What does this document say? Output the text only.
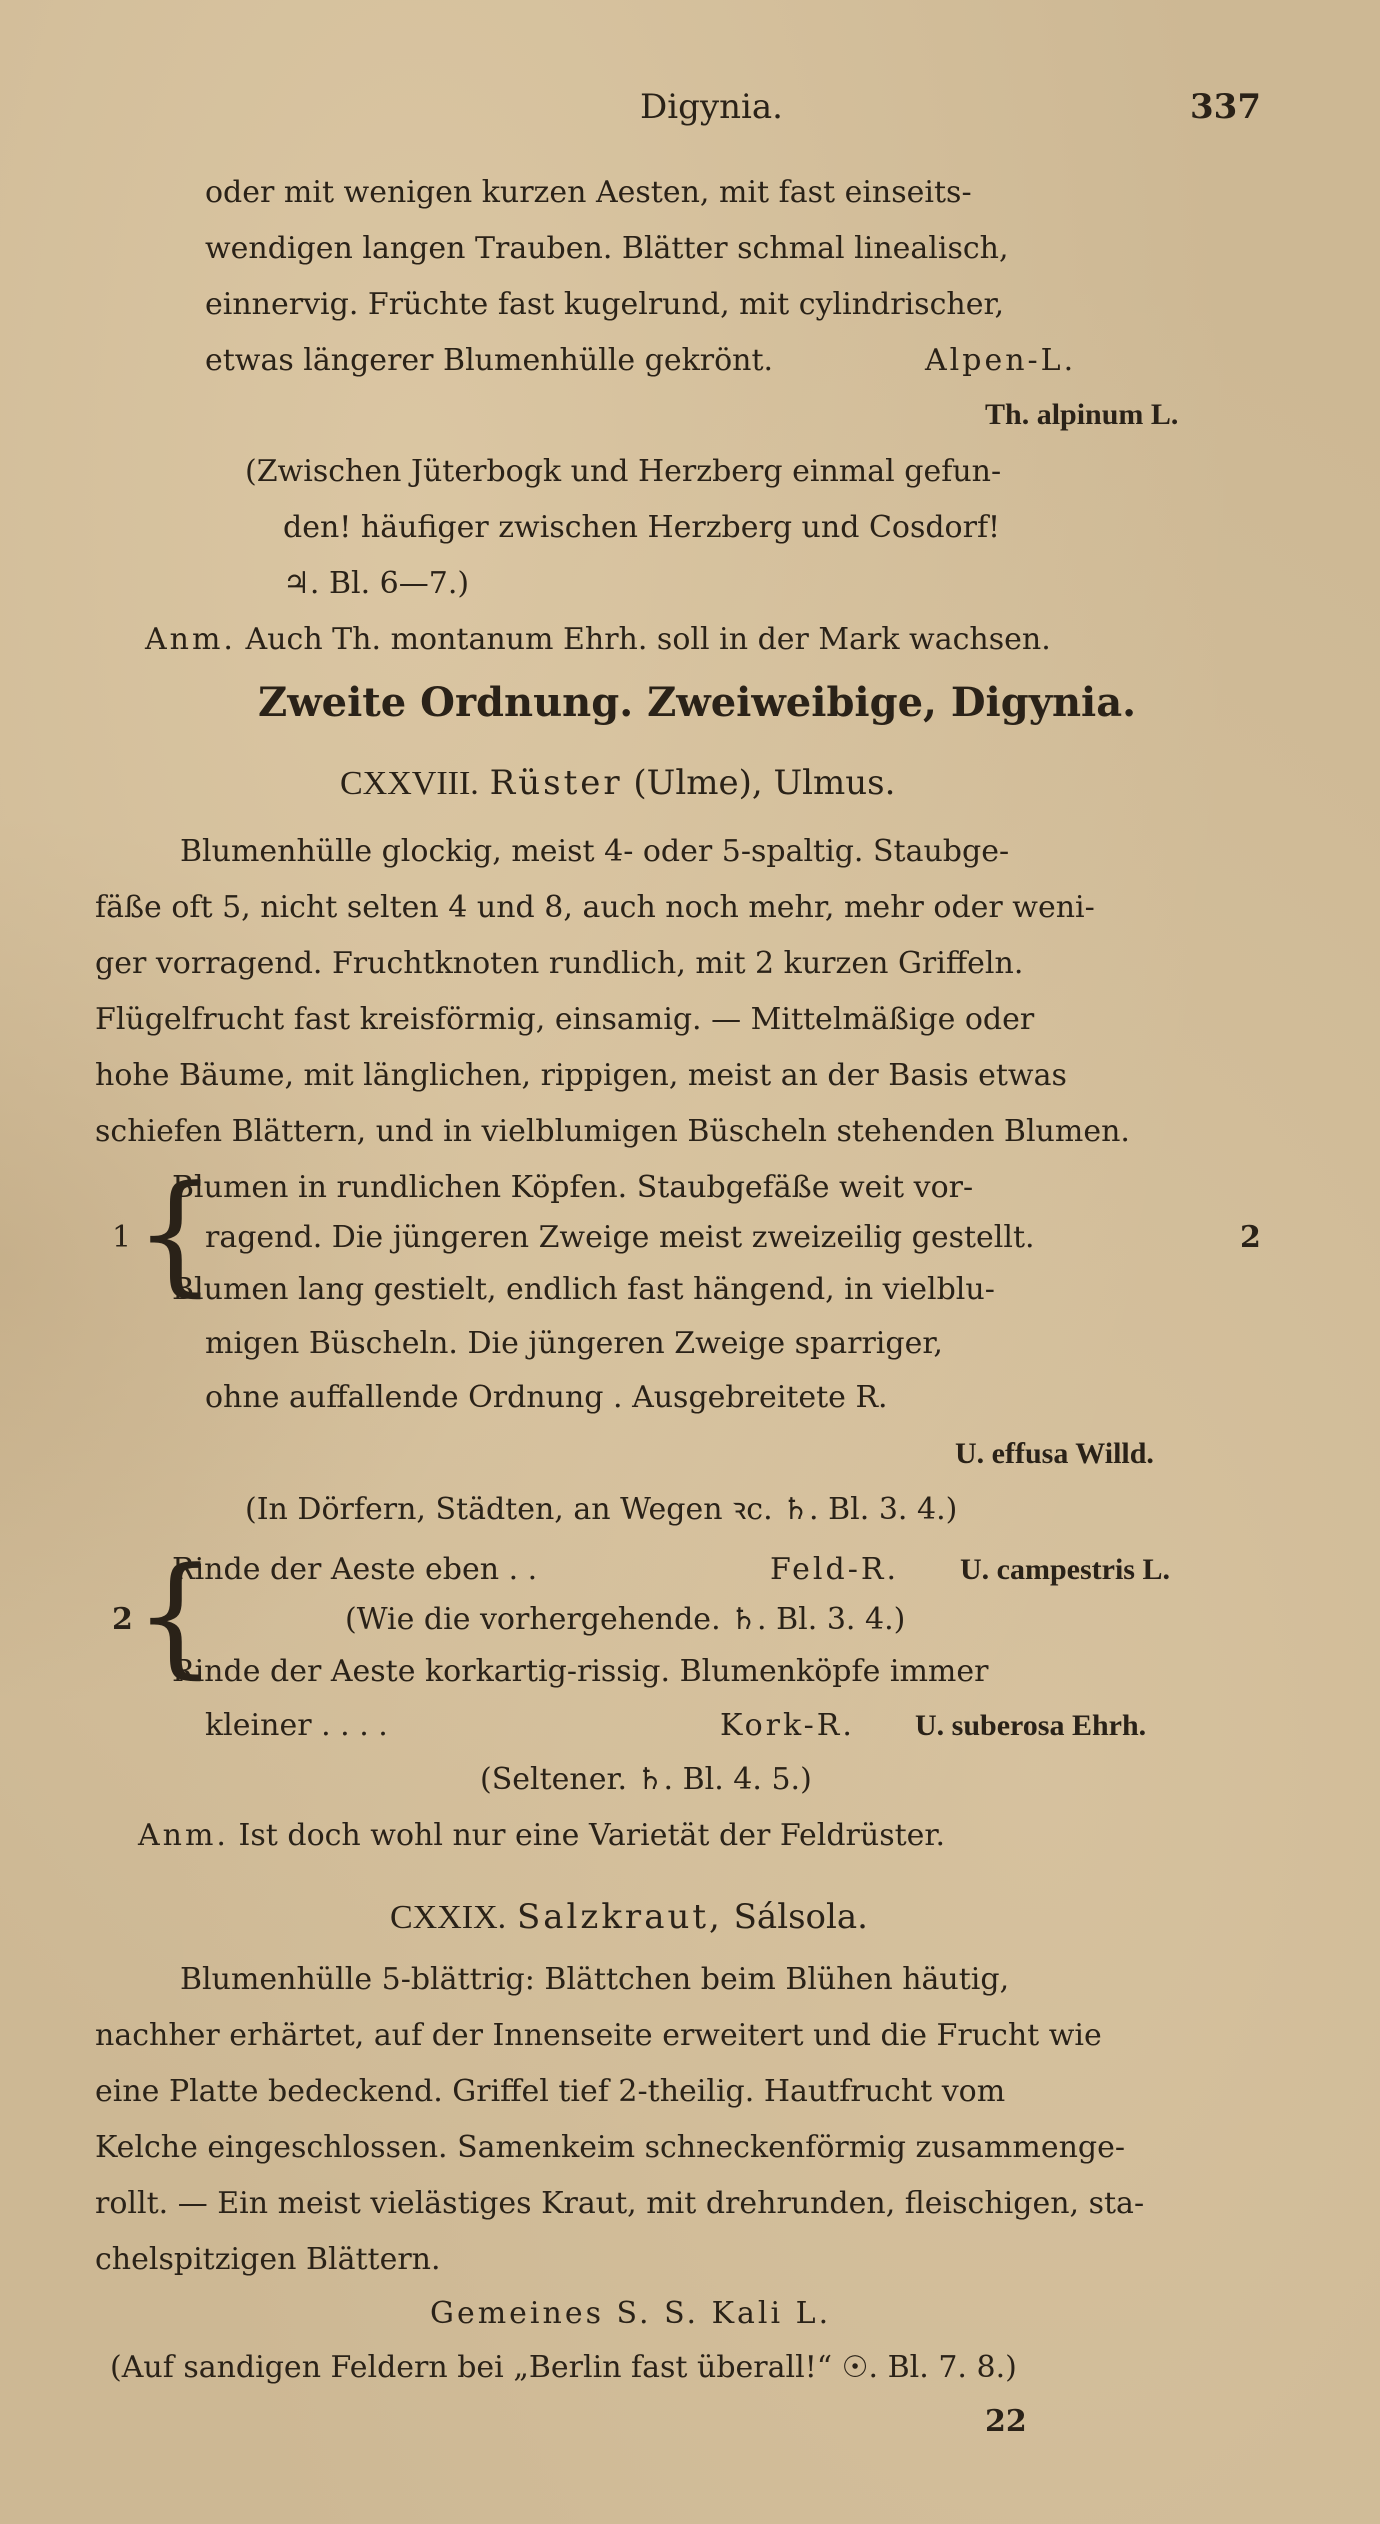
Digynia.	337
oder mit wenigen kurzen Aesten, mit fast einseits-
wendigen langen Trauben. Blätter schmal linealisch,
einnervig. Früchte fast kugelrund, mit cylindrischer,
etwas längerer Blumenhülle gekrönt.	Alpen-L.
Th. alpinum L.
(Zwischen Jüterbogk und Herzberg einmal gefun-
den! häufiger zwischen Herzberg und Cosdorf!
♃. Bl. 6—7.)
Anm. Auch Th. montanum Ehrh. soll in der Mark wachsen.
Zweite Ordnung. Zweiweibige, Digynia.
CXXVIII. Rüster (Ulme), Ulmus.
Blumenhülle glockig, meist 4- oder 5-spaltig. Staubge-
fäße oft 5, nicht selten 4 und 8, auch noch mehr, mehr oder weni-
ger vorragend. Fruchtknoten rundlich, mit 2 kurzen Griffeln.
Flügelfrucht fast kreisförmig, einsamig. — Mittelmäßige oder
hohe Bäume, mit länglichen, rippigen, meist an der Basis etwas
schiefen Blättern, und in vielblumigen Büscheln stehenden Blumen.
1 {
Blumen in rundlichen Köpfen. Staubgefäße weit vor-
ragend. Die jüngeren Zweige meist zweizeilig gestellt.	2
Blumen lang gestielt, endlich fast hängend, in vielblu-
migen Büscheln. Die jüngeren Zweige sparriger,
ohne auffallende Ordnung . Ausgebreitete R.
U. effusa Willd.
(In Dörfern, Städten, an Wegen ꝛc. ♄. Bl. 3. 4.)
2 {
Rinde der Aeste eben . .	Feld-R. U. campestris L.
(Wie die vorhergehende. ♄. Bl. 3. 4.)
Rinde der Aeste korkartig-rissig. Blumenköpfe immer
kleiner . . . .	Kork-R. U. suberosa Ehrh.
(Seltener. ♄. Bl. 4. 5.)
Anm. Ist doch wohl nur eine Varietät der Feldrüster.
CXXIX. Salzkraut, Sálsola.
Blumenhülle 5-blättrig: Blättchen beim Blühen häutig,
nachher erhärtet, auf der Innenseite erweitert und die Frucht wie
eine Platte bedeckend. Griffel tief 2-theilig. Hautfrucht vom
Kelche eingeschlossen. Samenkeim schneckenförmig zusammenge-
rollt. — Ein meist vielästiges Kraut, mit drehrunden, fleischigen, sta-
chelspitzigen Blättern.
Gemeines S. S. Kali L.
(Auf sandigen Feldern bei „Berlin fast überall!“ ☉. Bl. 7. 8.)
22
